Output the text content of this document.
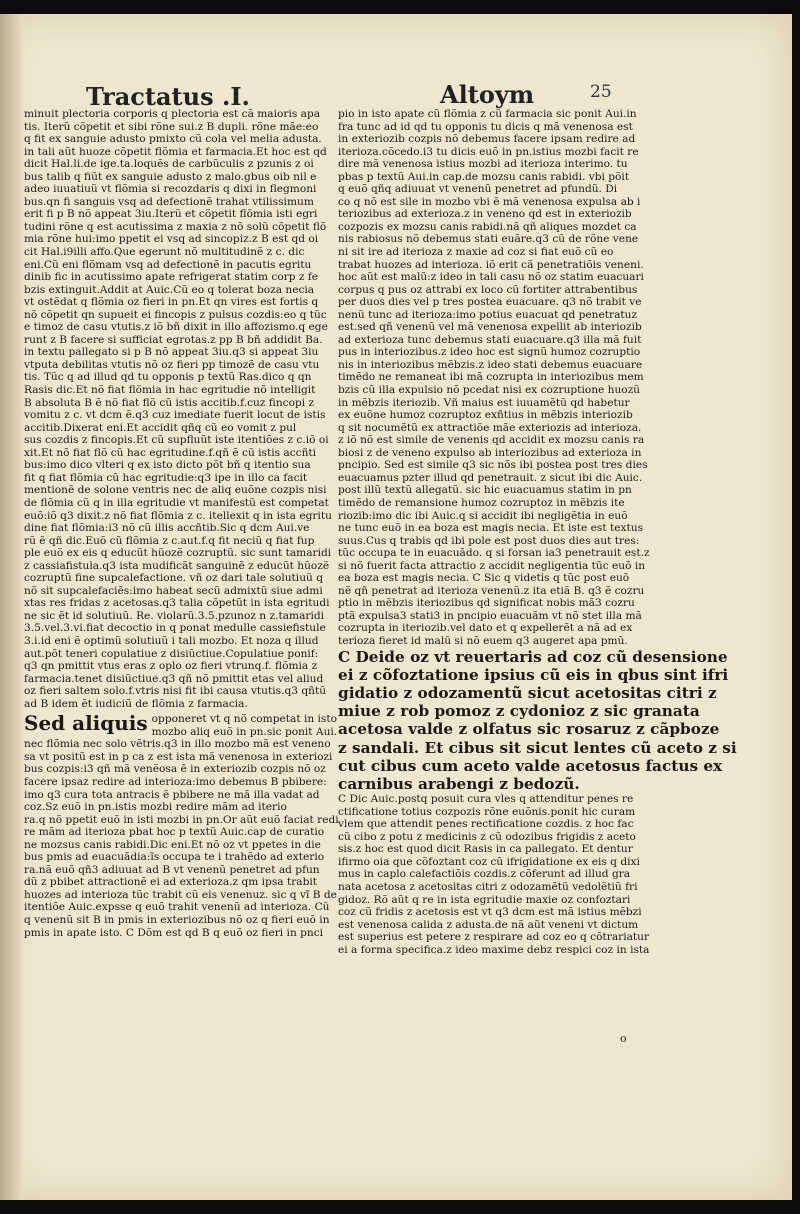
Tractatus .I.	Altoym	25

minuit plectoria corporis q plectoria est cã maioris apa

tis. Iterũ cõpetit et sibi rõne sui.z B dupli. rõne mãe:eo

q fit ex sanguie adusto pmixto cũ cola vel melia adusta.

in tali aũt huoze cõpetit flõmia et farmacia.Et hoc est qd

dicit Hal.li.de ige.ta.loquẽs de carbũculis z pzunis z oi

bus talib q fiũt ex sanguie adusto z malo.gbus oib nil e

adeo iuuatiuũ vt flõmia si recozdaris q dixi in flegmoni

bus.qn fi sanguis vsq ad defectionẽ trahat vtilissimum

erit fi p B nõ appeat 3iu.Iterũ et cõpetit flõmia isti egri

tudini rõne q est acutissima z maxia z nõ solũ cõpetit flõ

mia rõne hui:imo ppetit ei vsq ad sincopiz.z B est qd oi

cit Hal.i9illi affo.Que egerunt nõ multitudinẽ z c. dic

eni.Cũ eni flõmam vsq ad defectionẽ in pacutis egritu

dinib fic in acutissimo apate refrigerat statim corp z fe

bzis extinguit.Addit at Auic.Cũ eo q tolerat boza necia

vt ostẽdat q flõmia oz fieri in pn.Et qn vires est fortis q

nõ cõpetit qn supueit ei fincopis z pulsus cozdis:eo q tũc

e timoz de casu vtutis.z iõ bñ dixit in illo affozismo.q ege

runt z B facere si sufficiat egrotas.z pp B bñ addidit Ba.

in textu pallegato si p B nõ appeat 3iu.q3 si appeat 3iu

vtputa debilitas vtutis nõ oz fieri pp timozẽ de casu vtu

tis. Tũc q ad illud qd tu opponis p textũ Ras.dico q qn

Rasis dic.Et nõ fiat flõmia in hac egritudie nõ intelligit

B absoluta B ẽ nõ fiat flõ cũ istis accitib.f.cuz fincopi z

vomitu z c. vt dcm ẽ.q3 cuz imediate fuerit locut de istis

accitib.Dixerat eni.Et accidit qñq cũ eo vomit z pul

sus cozdis z fincopis.Et cũ supfluũt iste itentiões z c.iõ oi

xit.Et nõ fiat flõ cũ hac egritudine.f.qñ ẽ cũ istis accñti

bus:imo dico vlteri q ex isto dicto põt bñ q itentio sua

fit q fiat flõmia cũ hac egritudie:q3 ipe in illo ca facit

mentionẽ de solone ventris nec de aliq euõne cozpis nisi

de flõmia cũ q in illa egritudie vt manifestũ est competat

euõ:iõ q3 dixit.z nõ fiat flõmia z c. itellexit q in ista egritu

dine fiat flõmia:i3 nõ cũ illis accñtib.Sic q dcm Aui.ve

rũ ẽ qñ dic.Euõ cũ flõmia z c.aut.f.q fit neciũ q fiat fup

ple euõ ex eis q educũt hũozẽ cozruptũ. sic sunt tamaridi

z cassiafistula.q3 ista mudificãt sanguinẽ z educũt hũozẽ

cozruptũ fine supcalefactione. vñ oz dari tale solutiuũ q

nõ sit supcalefaciẽs:imo habeat secũ admixtũ siue admi

xtas res fridas z acetosas.q3 talia cõpetũt in ista egritudi

ne sic ẽt id solutiuũ. Re. violarũ.3.5.pzunoz n z.tamaridi

3.5.vel.3.vi.fiat decoctio in q ponat medulle cassiefistule

3.i.id eni ẽ optimũ solutiuũ i tali mozbo. Et noza q illud

aut.põt teneri copulatiue z disiũctiue.Copulatiue ponif:

q3 qn pmittit vtus eras z oplo oz fieri vtrunq.f. flõmia z

farmacia.tenet disiũctiue.q3 qñ nõ pmittit etas vel aliud

oz fieri saltem solo.f.vtris nisi fit ibi causa vtutis.q3 qñtũ

ad B idem ẽt iudiciũ de flõmia z farmacia.

Sed aliquis opponeret vt q nõ competat in isto
mozbo aliq euõ in pn.sic ponit Aui.

nec flõmia nec solo vẽtris.q3 in illo mozbo mã est veneno

sa vt positũ est in p ca z est ista mã venenosa in exteriozi

bus cozpis:i3 qñ mã venẽosa ẽ in exteriozib cozpis nõ oz

facere ipsaz redire ad interioza:imo debemus B pbibere:

imo q3 cura tota antracis ẽ pbibere ne mã illa vadat ad

coz.Sz euõ in pn.istis mozbi redire mãm ad iterio

ra.q nõ ppetit euõ in isti mozbi in pn.Or aũt euõ faciat redi

re mãm ad iterioza pbat hoc p textũ Auic.cap de curatio

ne mozsus canis rabidi.Dic eni.Et nõ oz vt ppetes in die

bus pmis ad euacuãdia:ĩs occupa te i trahẽdo ad exterio

ra.nã euõ qñ3 adiuuat ad B vt venenũ penetret ad pfun

dũ z pbibet attractionẽ ei ad exterioza.z qm ipsa trabit

huozes ad interioza tũc trabit cũ eis venenuz. sic q vĩ B de

itentiõe Auic.expsse q euõ trahit venenũ ad interioza. Cũ

q venenũ sit B in pmis in exteriozibus nõ oz q fieri euõ in

pmis in apate isto. C Dõm est qd B q euõ oz fieri in pnci

pio in isto apate cũ flõmia z cũ farmacia sic ponit Aui.in

fra tunc ad id qd tu opponis tu dicis q mã venenosa est

in exteriozib cozpis nõ debemus facere ipsam redire ad

iterioza.cõcedo.i3 tu dicis euõ in pn.istius mozbi facit re

dire mã venenosa istius mozbi ad iterioza interimo. tu

pbas p textũ Aui.in cap.de mozsu canis rabidi. vbi põit

q euõ qñq adiuuat vt venenũ penetret ad pfundũ. Di

co q nõ est sile in mozbo vbi ẽ mã venenosa expulsa ab i

teriozibus ad exterioza.z in veneno qd est in exteriozib

cozpozis ex mozsu canis rabidi.nã qñ aliques mozdet ca

nis rabiosus nõ debemus stati euãre.q3 cũ de rõne vene

ni sit ire ad iterioza z maxie ad coz si fiat euõ cũ eo

trabat huozes ad interioza. iõ erit cã penetratiõis veneni.

hoc aũt est malũ:z ideo in tali casu nõ oz statim euacuari

corpus q pus oz attrabi ex loco cũ fortiter attrabentibus

per duos dies vel p tres postea euacuare. q3 nõ trabit ve

nenũ tunc ad iterioza:imo potius euacuat qd penetratuz

est.sed qñ venenũ vel mã venenosa expellit ab interiozib

ad exterioza tunc debemus stati euacuare.q3 illa mã fuit

pus in interiozibus.z ideo hoc est signũ humoz cozruptio

nis in interiozibus mẽbzis.z ideo stati debemus euacuare

timẽdo ne remaneat ibi mã cozrupta in interiozibus mem

bzis cũ illa expulsio nõ pcedat nisi ex cozruptione huozũ

in mẽbzis iteriozib. Vñ maius est iuuamẽtũ qd habetur

ex euõne humoz cozruptoz exñtius in mẽbzis interiozib

q sit nocumẽtũ ex attractiõe mãe exteriozis ad interioza.

z iõ nõ est simile de venenis qd accidit ex mozsu canis ra

biosi z de veneno expulso ab interiozibus ad exterioza in

pncipio. Sed est simile q3 sic nõs ibi postea post tres dies

euacuamus pzter illud qd penetrauit. z sicut ibi dic Auic.

post illũ textũ allegatũ. sic hic euacuamus statim in pn

timẽdo de remansione humoz cozruptoz in mẽbzis ite

riozib:imo dic ibi Auic.q si accidit ibi negligẽtia in euõ

ne tunc euõ in ea boza est magis necia. Et iste est textus

suus.Cus q trabis qd ibi pole est post duos dies aut tres:

tũc occupa te in euacuãdo. q si forsan ia3 penetrauit est.z

si nõ fuerit facta attractio z accidit negligentia tũc euõ in

ea boza est magis necia. C Sic q videtis q tũc post euõ

nẽ qñ penetrat ad iterioza venenũ.z ita etiã B. q3 ẽ cozru

ptio in mẽbzis iteriozibus qd significat nobis mã3 cozru

ptã expulsa3 stati3 in pncipio euacuãm vt nõ stet illa mã

cozrupta in iteriozib.vel dato et q expellerẽt a nã ad ex

terioza fieret id malũ si nõ euem q3 augeret apa pmũ.

C Deide oz vt reuertaris ad coz cũ desensione

ei z cõfoztatione ipsius cũ eis in qbus sint ifri

gidatio z odozamentũ sicut acetositas citri z

miue z rob pomoz z cydonioz z sic granata

acetosa valde z olfatus sic rosaruz z cãpboze

z sandali. Et cibus sit sicut lentes cũ aceto z si

cut cibus cum aceto valde acetosus factus ex

carnibus arabengi z bedozũ.

C Dic Auic.postq posuit cura vles q attenditur penes re

ctificatione totius cozpozis rõne euõnis.ponit hic curam

vlem que attendit penes rectificatione cozdis. z hoc fac

cũ cibo z potu z medicinis z cũ odozibus frigidis z aceto

sis.z hoc est quod dicit Rasis in ca pallegato. Et dentur

ifirmo oia que cõfoztant coz cũ ifrigidatione ex eis q dixi

mus in caplo calefactiõis cozdis.z cõferunt ad illud gra

nata acetosa z acetositas citri z odozamẽtũ vedolẽtiũ fri

gidoz. Rõ aũt q re in ista egritudie maxie oz confoztari

coz cũ fridis z acetosis est vt q3 dcm est mã istius mẽbzi

est venenosa calida z adusta.de nã aũt veneni vt dictum

est superius est petere z respirare ad coz eo q cõtrariatur

ei a forma specifica.z ideo maxime debz respici coz in ista

o
